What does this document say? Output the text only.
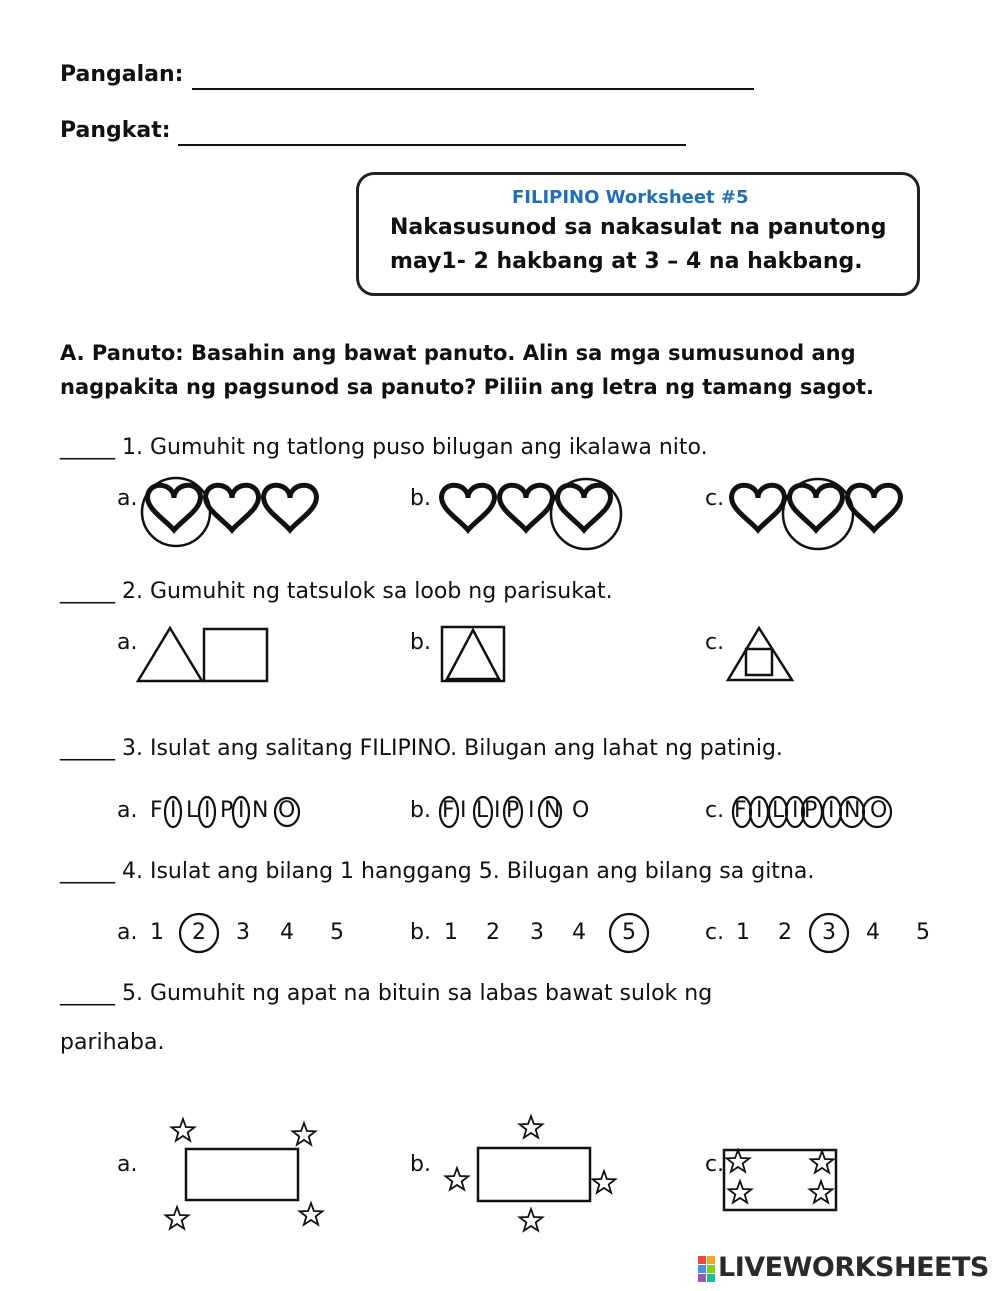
Pangalan:
Pangkat:
FILIPINO Worksheet #5
Nakasusunod sa nakasulat na panutong
may1- 2 hakbang at 3 – 4 na hakbang.
A. Panuto: Basahin ang bawat panuto. Alin sa mga sumusunod ang
nagpakita ng pagsunod sa panuto? Piliin ang letra ng tamang sagot.
_____ 1. Gumuhit ng tatlong puso bilugan ang ikalawa nito.
a.	b.	c.
_____ 2. Gumuhit ng tatsulok sa loob ng parisukat.
a.	b.	c.
_____ 3. Isulat ang salitang FILIPINO. Bilugan ang lahat ng patinig.
a.	b.	c.
F I L I P I N O	F I L I P I N O	F I L I P I N O
_____ 4. Isulat ang bilang 1 hanggang 5. Bilugan ang bilang sa gitna.
a.	b.	c.
1 2 3 4 5	1 2 3 4 5	1 2 3 4 5
_____ 5. Gumuhit ng apat na bituin sa labas bawat sulok ng
parihaba.
a.	b.	c.
LIVEWORKSHEETS
